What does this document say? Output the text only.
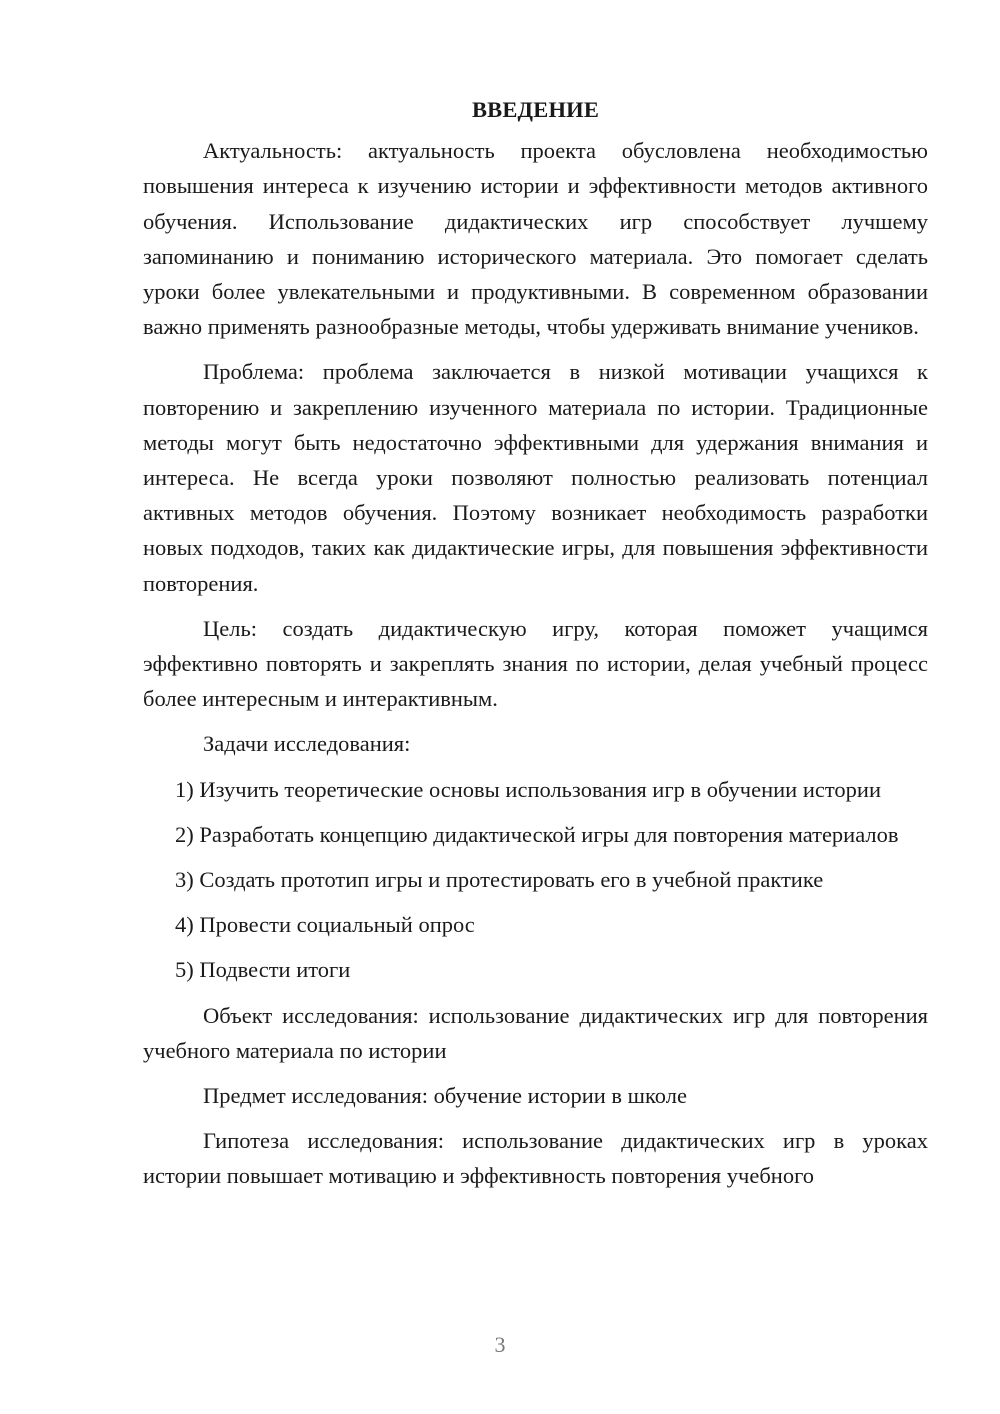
ВВЕДЕНИЕ
Актуальность: актуальность проекта обусловлена необходимостью повышения интереса к изучению истории и эффективности методов активного обучения. Использование дидактических игр способствует лучшему запоминанию и пониманию исторического материала. Это помогает сделать уроки более увлекательными и продуктивными. В современном образовании важно применять разнообразные методы, чтобы удерживать внимание учеников.
Проблема: проблема заключается в низкой мотивации учащихся к повторению и закреплению изученного материала по истории. Традиционные методы могут быть недостаточно эффективными для удержания внимания и интереса. Не всегда уроки позволяют полностью реализовать потенциал активных методов обучения. Поэтому возникает необходимость разработки новых подходов, таких как дидактические игры, для повышения эффективности повторения.
Цель: создать дидактическую игру, которая поможет учащимся эффективно повторять и закреплять знания по истории, делая учебный процесс более интересным и интерактивным.
Задачи исследования:
1) Изучить теоретические основы использования игр в обучении истории
2) Разработать концепцию дидактической игры для повторения материалов
3) Создать прототип игры и протестировать его в учебной практике
4) Провести социальный опрос
5) Подвести итоги
Объект исследования: использование дидактических игр для повторения учебного материала по истории
Предмет исследования: обучение истории в школе
Гипотеза исследования: использование дидактических игр в уроках истории повышает мотивацию и эффективность повторения учебного
3
